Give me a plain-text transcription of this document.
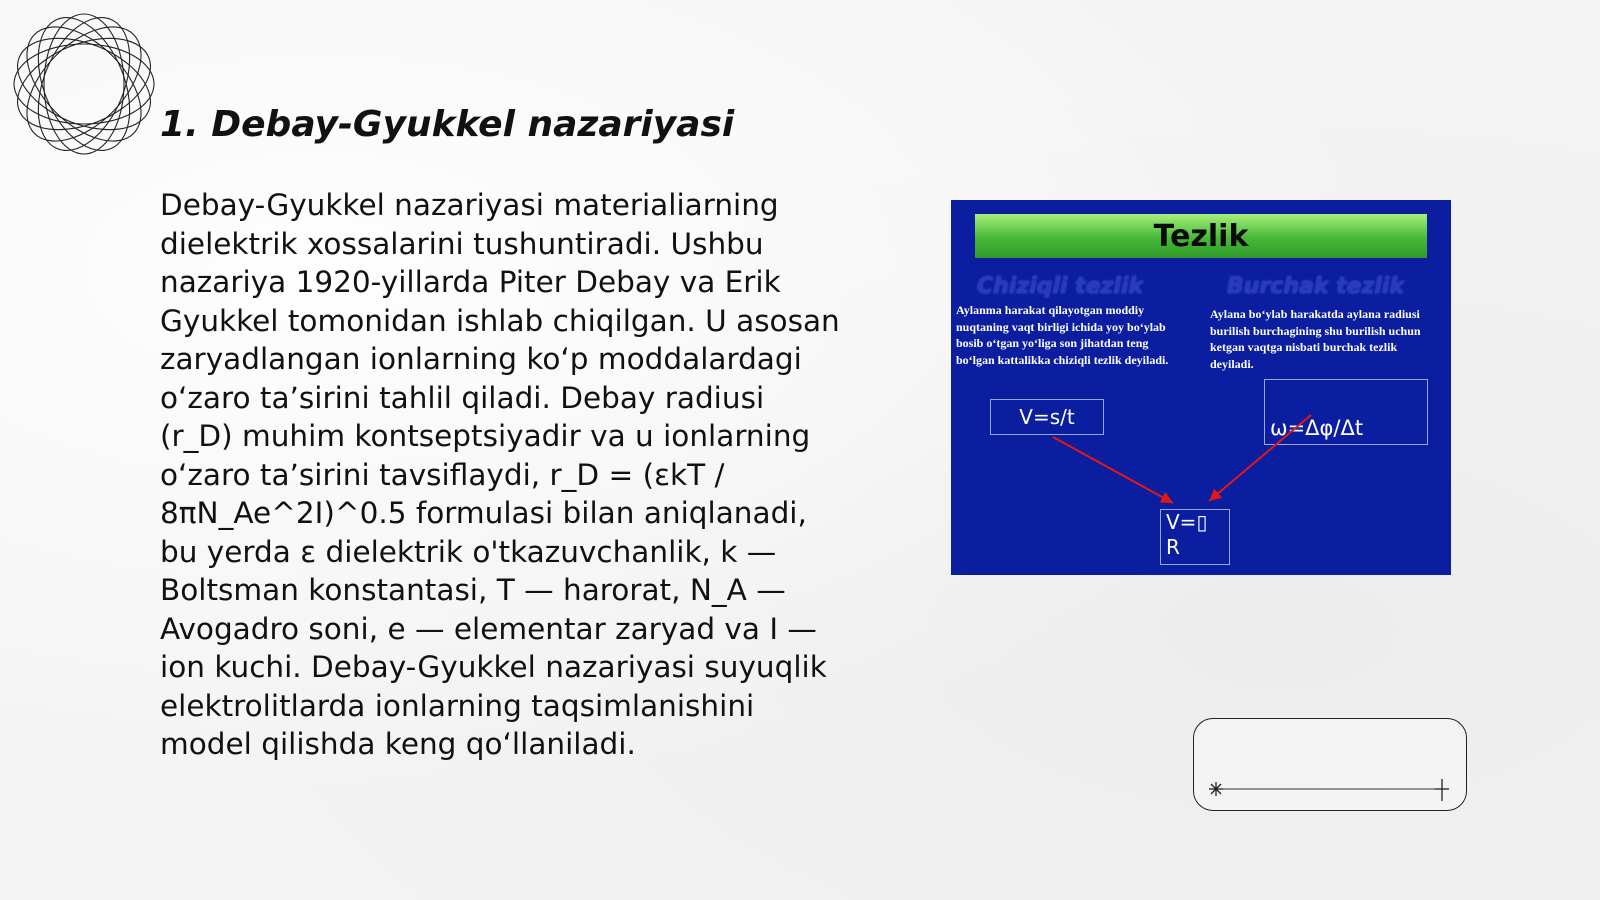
1. Debay-Gyukkel nazariyasi

Debay-Gyukkel nazariyasi materialiarning dielektrik xossalarini tushuntiradi. Ushbu nazariya 1920-yillarda Piter Debay va Erik Gyukkel tomonidan ishlab chiqilgan. U asosan zaryadlangan ionlarning ko‘p moddalardagi o‘zaro ta’sirini tahlil qiladi. Debay radiusi (r_D) muhim kontseptsiyadir va u ionlarning o‘zaro ta’sirini tavsiflaydi, r_D = (εkT / 8πN_Ae^2I)^0.5 formulasi bilan aniqlanadi, bu yerda ε dielektrik o'tkazuvchanlik, k — Boltsman konstantasi, T — harorat, N_A — Avogadro soni, e — elementar zaryad va I — ion kuchi. Debay-Gyukkel nazariyasi suyuqlik elektrolitlarda ionlarning taqsimlanishini model qilishda keng qo‘llaniladi.

Tezlik
Chiziqli tezlik	Burchak tezlik

Aylanma harakat qilayotgan moddiy nuqtaning vaqt birligi ichida yoy bo‘ylab bosib o‘tgan yo‘liga son jihatdan teng bo‘lgan kattalikka chiziqli tezlik deyiladi.

Aylana bo‘ylab harakatda aylana radiusi burilish burchagining shu burilish uchun ketgan vaqtga nisbati burchak tezlik deyiladi.

V=s/t	ω=Δφ/Δt
V=▯
R
